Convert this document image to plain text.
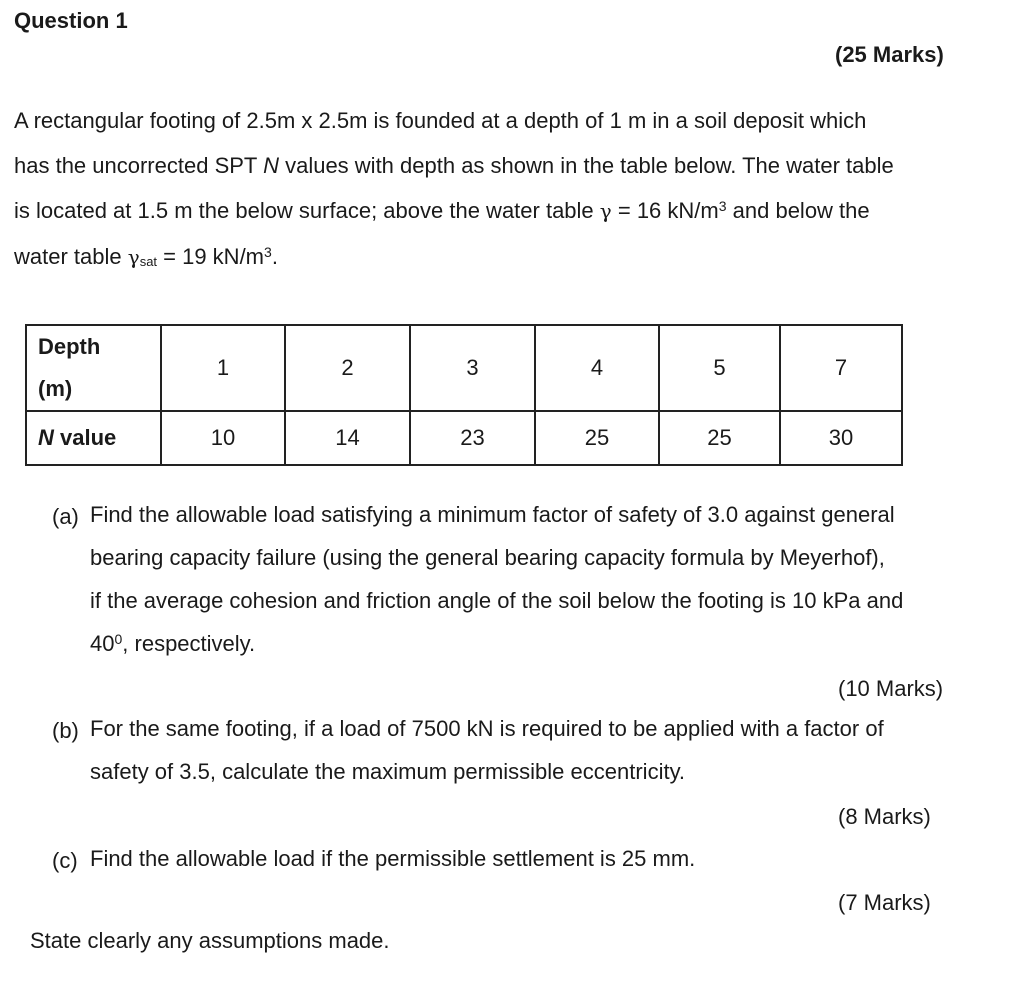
Question 1
(25 Marks)
A rectangular footing of 2.5m x 2.5m is founded at a depth of 1 m in a soil deposit which
has the uncorrected SPT N values with depth as shown in the table below. The water table
is located at 1.5 m the below surface; above the water table γ = 16 $kN/m^3$ and below the
water table γsat = 19 $kN/m^3$.
Depth
(m)	1	2	3	4	5	7
N value	10	14	23	25	25	30
(a) Find the allowable load satisfying a minimum factor of safety of 3.0 against general
bearing capacity failure (using the general bearing capacity formula by Meyerhof),
if the average cohesion and friction angle of the soil below the footing is 10 kPa and
$40^0$, respectively.
(10 Marks)
(b) For the same footing, if a load of 7500 kN is required to be applied with a factor of
safety of 3.5, calculate the maximum permissible eccentricity.
(8 Marks)
(c) Find the allowable load if the permissible settlement is 25 mm.
(7 Marks)
State clearly any assumptions made.
